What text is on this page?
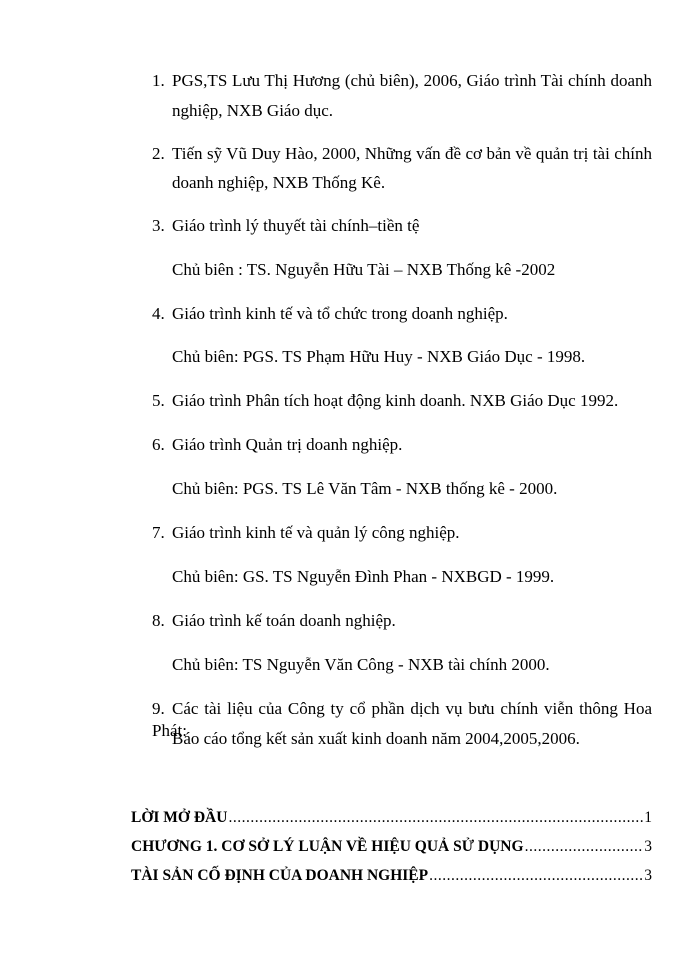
1. PGS,TS Lưu Thị Hương (chủ biên), 2006, Giáo trình Tài chính doanh
nghiệp, NXB Giáo dục.
2. Tiến sỹ Vũ Duy Hào, 2000, Những vấn đề cơ bản về quản trị tài chính
doanh nghiệp, NXB Thống Kê.
3. Giáo trình lý thuyết tài chính–tiền tệ
Chủ biên : TS. Nguyễn Hữu Tài – NXB Thống kê -2002
4. Giáo trình kinh tế và tổ chức trong doanh nghiệp.
Chủ biên: PGS. TS Phạm Hữu Huy - NXB Giáo Dục - 1998.
5. Giáo trình Phân tích hoạt động kinh doanh. NXB Giáo Dục 1992.
6. Giáo trình Quản trị doanh nghiệp.
Chủ biên: PGS. TS Lê Văn Tâm - NXB thống kê - 2000.
7. Giáo trình kinh tế và quản lý công nghiệp.
Chủ biên: GS. TS Nguyễn Đình Phan - NXBGD - 1999.
8. Giáo trình kế toán doanh nghiệp.
Chủ biên: TS Nguyễn Văn Công - NXB tài chính 2000.
9. Các tài liệu của Công ty cổ phần dịch vụ bưu chính viễn thông Hoa Phát:
Báo cáo tổng kết sản xuất kinh doanh năm 2004,2005,2006.
LỜI MỞ ĐẦU .....	1
CHƯƠNG 1. CƠ SỞ LÝ LUẬN VỀ HIỆU QUẢ SỬ DỤNG .....	3
TÀI SẢN CỐ ĐỊNH CỦA DOANH NGHIỆP .....	3
